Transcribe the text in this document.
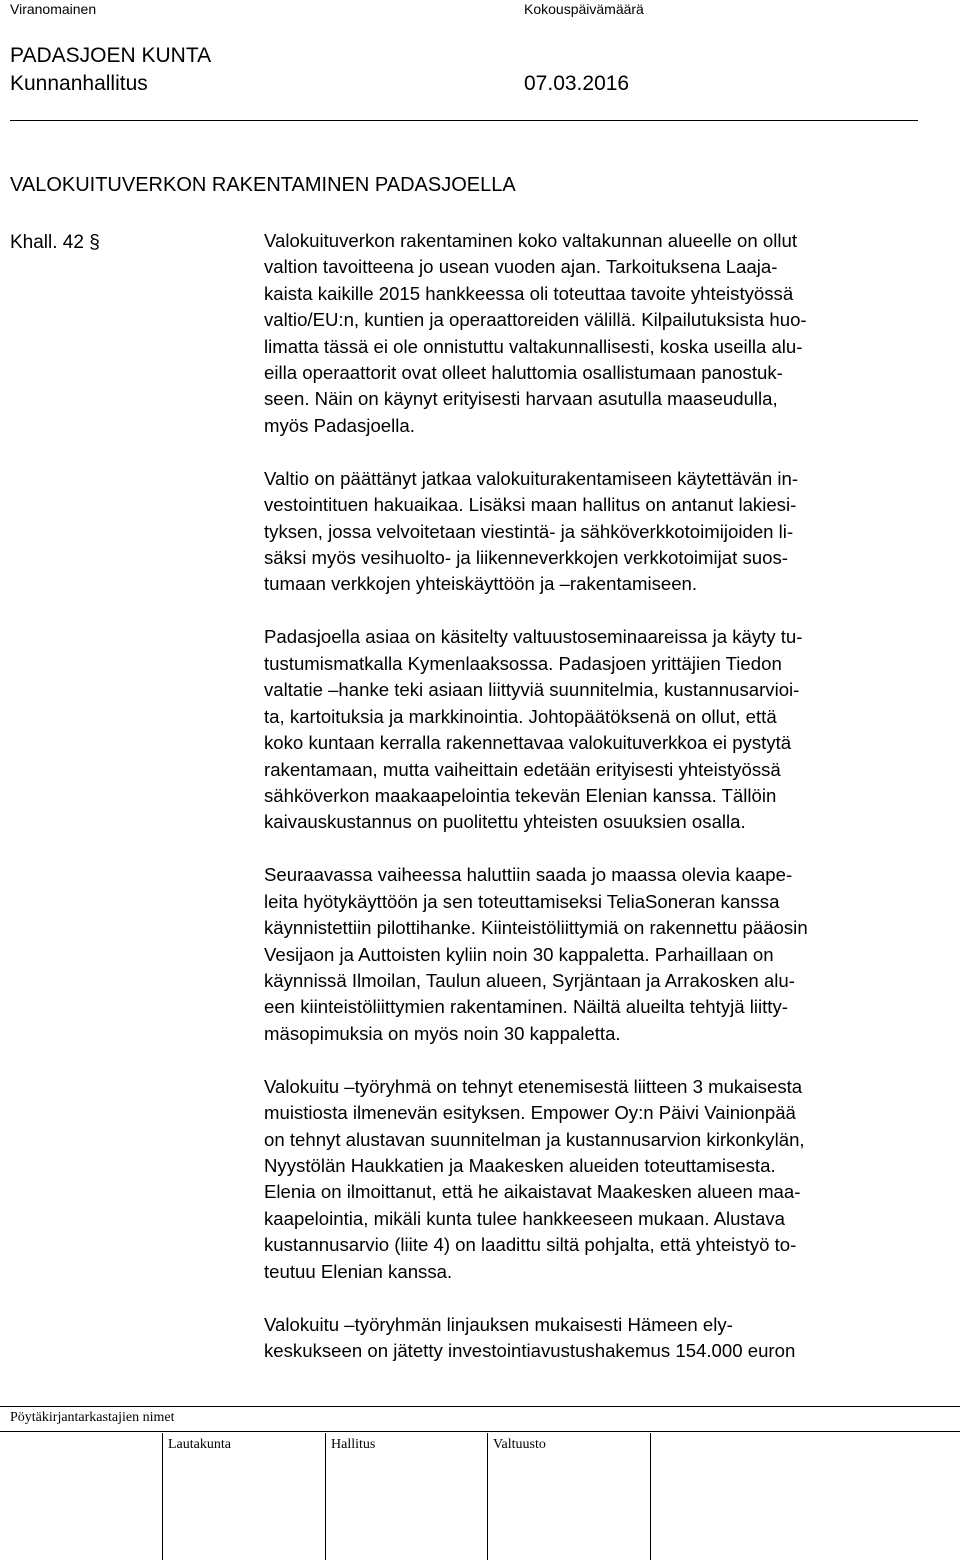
Viranomainen	Kokouspäivämäärä
PADASJOEN KUNTA
Kunnanhallitus	07.03.2016
VALOKUITUVERKON RAKENTAMINEN PADASJOELLA
Khall. 42 §	Valokuituverkon rakentaminen koko valtakunnan alueelle on ollut
valtion tavoitteena jo usean vuoden ajan. Tarkoituksena Laaja-
kaista kaikille 2015 hankkeessa oli toteuttaa tavoite yhteistyössä
valtio/EU:n, kuntien ja operaattoreiden välillä. Kilpailutuksista huo-
limatta tässä ei ole onnistuttu valtakunnallisesti, koska useilla alu-
eilla operaattorit ovat olleet haluttomia osallistumaan panostuk-
seen. Näin on käynyt erityisesti harvaan asutulla maaseudulla,
myös Padasjoella.

Valtio on päättänyt jatkaa valokuiturakentamiseen käytettävän in-
vestointituen hakuaikaa. Lisäksi maan hallitus on antanut lakiesi-
tyksen, jossa velvoitetaan viestintä- ja sähköverkkotoimijoiden li-
säksi myös vesihuolto- ja liikenneverkkojen verkkotoimijat suos-
tumaan verkkojen yhteiskäyttöön ja –rakentamiseen.

Padasjoella asiaa on käsitelty valtuustoseminaareissa ja käyty tu-
tustumismatkalla Kymenlaaksossa. Padasjoen yrittäjien Tiedon
valtatie –hanke teki asiaan liittyviä suunnitelmia, kustannusarvioi-
ta, kartoituksia ja markkinointia. Johtopäätöksenä on ollut, että
koko kuntaan kerralla rakennettavaa valokuituverkkoa ei pystytä
rakentamaan, mutta vaiheittain edetään erityisesti yhteistyössä
sähköverkon maakaapelointia tekevän Elenian kanssa. Tällöin
kaivauskustannus on puolitettu yhteisten osuuksien osalla.

Seuraavassa vaiheessa haluttiin saada jo maassa olevia kaape-
leita hyötykäyttöön ja sen toteuttamiseksi TeliaSoneran kanssa
käynnistettiin pilottihanke. Kiinteistöliittymiä on rakennettu pääosin
Vesijaon ja Auttoisten kyliin noin 30 kappaletta. Parhaillaan on
käynnissä Ilmoilan, Taulun alueen, Syrjäntaan ja Arrakosken alu-
een kiinteistöliittymien rakentaminen. Näiltä alueilta tehtyjä liitty-
mäsopimuksia on myös noin 30 kappaletta.

Valokuitu –työryhmä on tehnyt etenemisestä liitteen 3 mukaisesta
muistiosta ilmenevän esityksen. Empower Oy:n Päivi Vainionpää
on tehnyt alustavan suunnitelman ja kustannusarvion kirkonkylän,
Nyystölän Haukkatien ja Maakesken alueiden toteuttamisesta.
Elenia on ilmoittanut, että he aikaistavat Maakesken alueen maa-
kaapelointia, mikäli kunta tulee hankkeeseen mukaan. Alustava
kustannusarvio (liite 4) on laadittu siltä pohjalta, että yhteistyö to-
teutuu Elenian kanssa.

Valokuitu –työryhmän linjauksen mukaisesti Hämeen ely-
keskukseen on jätetty investointiavustushakemus 154.000 euron

Pöytäkirjantarkastajien nimet
Lautakunta	Hallitus	Valtuusto
